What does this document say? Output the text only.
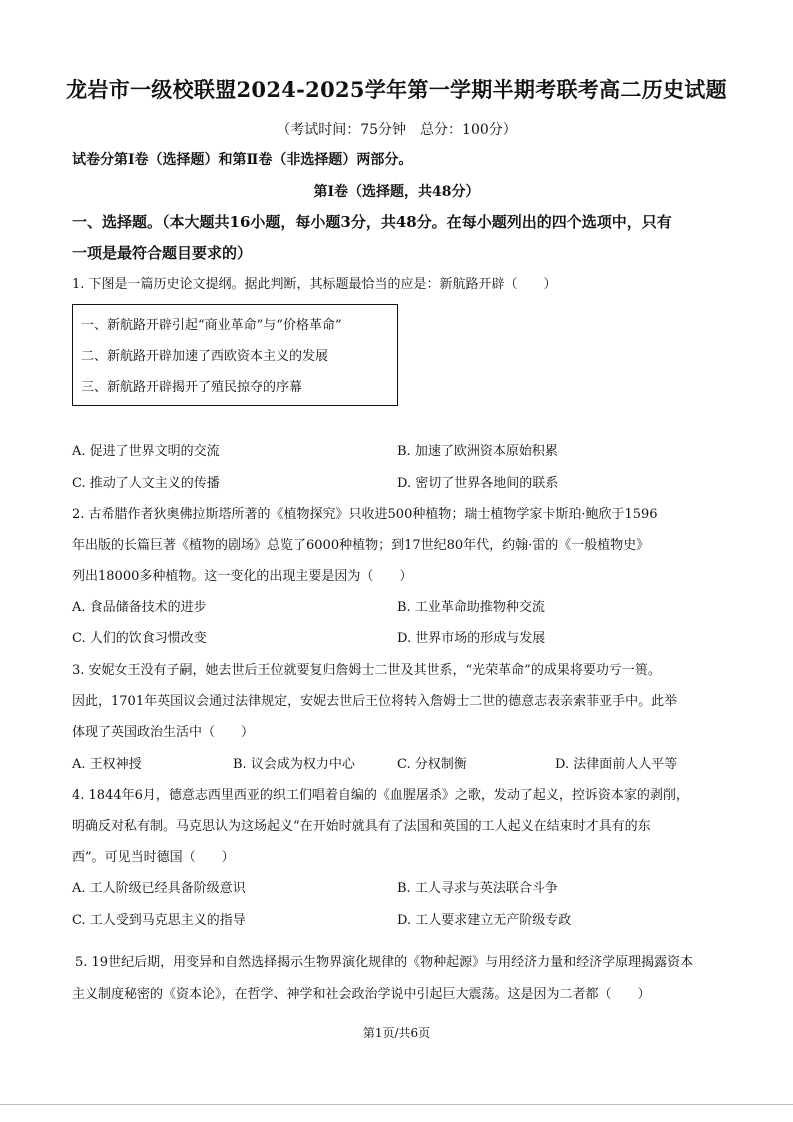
龙岩市一级校联盟2024-2025学年第一学期半期考联考高二历史试题
（考试时间：75分钟　总分：100分）
试卷分第Ⅰ卷（选择题）和第Ⅱ卷（非选择题）两部分。
第Ⅰ卷（选择题，共48分）
一、选择题。（本大题共16小题，每小题3分，共48分。在每小题列出的四个选项中，只有
一项是最符合题目要求的）
1. 下图是一篇历史论文提纲。据此判断，其标题最恰当的应是：新航路开辟（　　）
一、新航路开辟引起“商业革命”与“价格革命”
二、新航路开辟加速了西欧资本主义的发展
三、新航路开辟揭开了殖民掠夺的序幕
A. 促进了世界文明的交流	B. 加速了欧洲资本原始积累
C. 推动了人文主义的传播	D. 密切了世界各地间的联系
2. 古希腊作者狄奥佛拉斯塔所著的《植物探究》只收进500种植物；瑞士植物学家卡斯珀·鲍欣于1596
年出版的长篇巨著《植物的剧场》总览了6000种植物；到17世纪80年代，约翰·雷的《一般植物史》
列出18000多种植物。这一变化的出现主要是因为（　　）
A. 食品储备技术的进步	B. 工业革命助推物种交流
C. 人们的饮食习惯改变	D. 世界市场的形成与发展
3. 安妮女王没有子嗣，她去世后王位就要复归詹姆士二世及其世系，“光荣革命”的成果将要功亏一篑。
因此，1701年英国议会通过法律规定，安妮去世后王位将转入詹姆士二世的德意志表亲索菲亚手中。此举
体现了英国政治生活中（　　）
A. 王权神授	B. 议会成为权力中心	C. 分权制衡	D. 法律面前人人平等
4. 1844年6月，德意志西里西亚的织工们唱着自编的《血腥屠杀》之歌，发动了起义，控诉资本家的剥削，
明确反对私有制。马克思认为这场起义“在开始时就具有了法国和英国的工人起义在结束时才具有的东
西”。可见当时德国（　　）
A. 工人阶级已经具备阶级意识	B. 工人寻求与英法联合斗争
C. 工人受到马克思主义的指导	D. 工人要求建立无产阶级专政
5. 19世纪后期，用变异和自然选择揭示生物界演化规律的《物种起源》与用经济力量和经济学原理揭露资本
主义制度秘密的《资本论》，在哲学、神学和社会政治学说中引起巨大震荡。这是因为二者都（　　）
第1页/共6页
